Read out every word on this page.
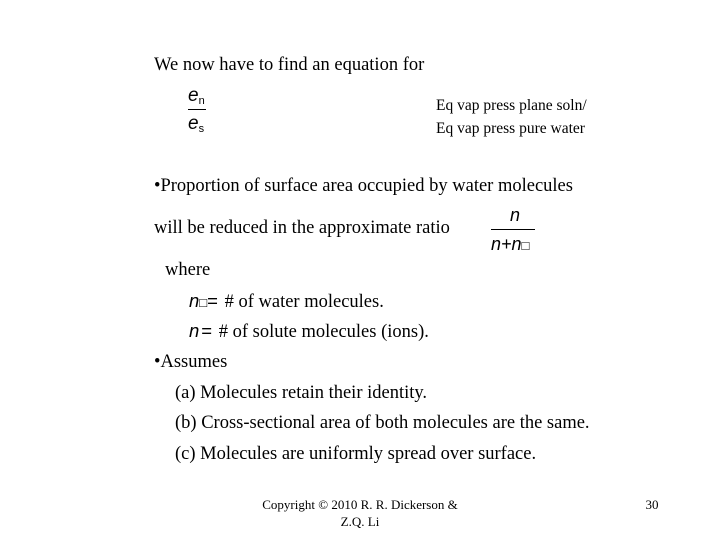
We now have to find an equation for
$e_n$
$e_s$
Eq vap press plane soln/
Eq vap press pure water
•Proportion of surface area occupied by water molecules
will be reduced in the approximate ratio
n
n+n□
where
n□= # of water molecules.
n = # of solute molecules (ions).
•Assumes
(a) Molecules retain their identity.
(b) Cross-sectional area of both molecules are the same.
(c) Molecules are uniformly spread over surface.
Copyright © 2010 R. R. Dickerson &
Z.Q. Li
30
